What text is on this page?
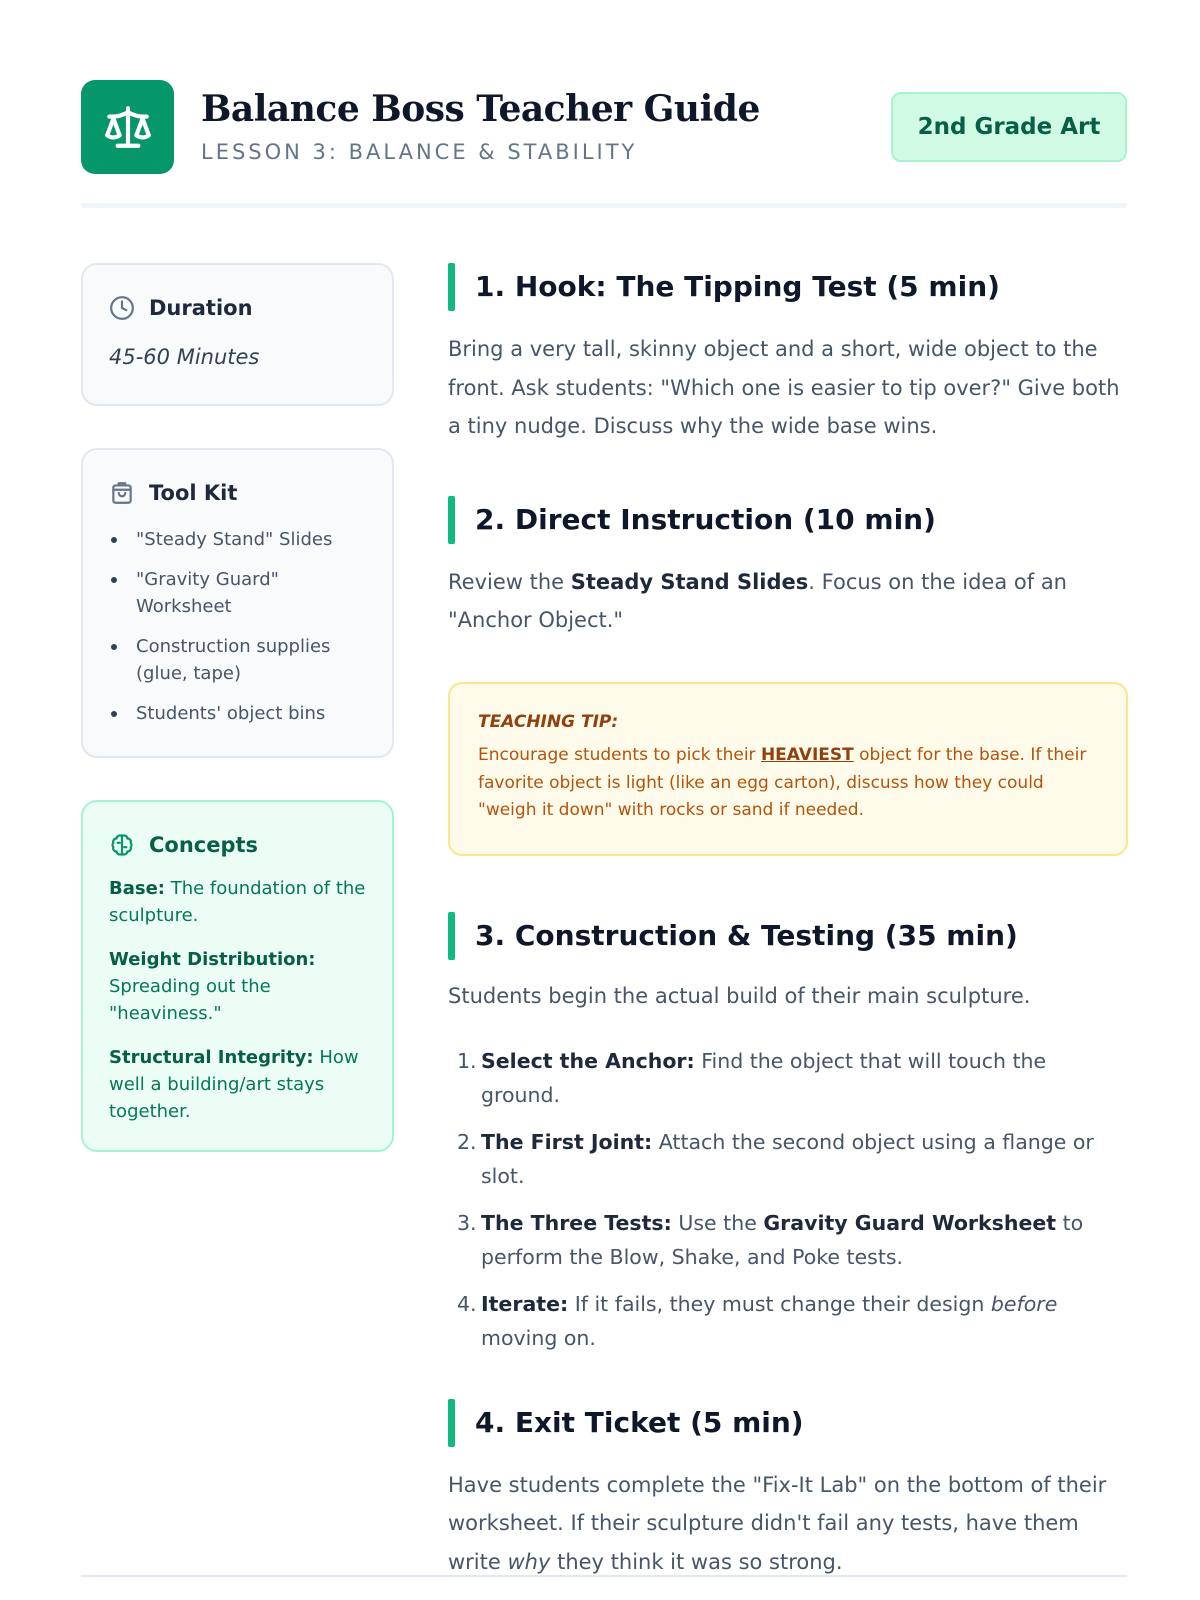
Balance Boss Teacher Guide
LESSON 3: BALANCE & STABILITY
2nd Grade Art
Duration
45-60 Minutes
Tool Kit
"Steady Stand" Slides
"Gravity Guard" Worksheet
Construction supplies (glue, tape)
Students' object bins
Concepts
Base: The foundation of the sculpture.
Weight Distribution: Spreading out the "heaviness."
Structural Integrity: How well a building/art stays together.
1. Hook: The Tipping Test (5 min)

Bring a very tall, skinny object and a short, wide object to the front. Ask students: "Which one is easier to tip over?" Give both a tiny nudge. Discuss why the wide base wins.

2. Direct Instruction (10 min)

Review the Steady Stand Slides. Focus on the idea of an "Anchor Object."

TEACHING TIP:
Encourage students to pick their HEAVIEST object for the base. If their favorite object is light (like an egg carton), discuss how they could "weigh it down" with rocks or sand if needed.
3. Construction & Testing (35 min)

Students begin the actual build of their main sculpture.

1. Select the Anchor: Find the object that will touch the ground.
2. The First Joint: Attach the second object using a flange or slot.
3. The Three Tests: Use the Gravity Guard Worksheet to perform the Blow, Shake, and Poke tests.
4. Iterate: If it fails, they must change their design before moving on.
4. Exit Ticket (5 min)

Have students complete the "Fix-It Lab" on the bottom of their worksheet. If their sculpture didn't fail any tests, have them write why they think it was so strong.
